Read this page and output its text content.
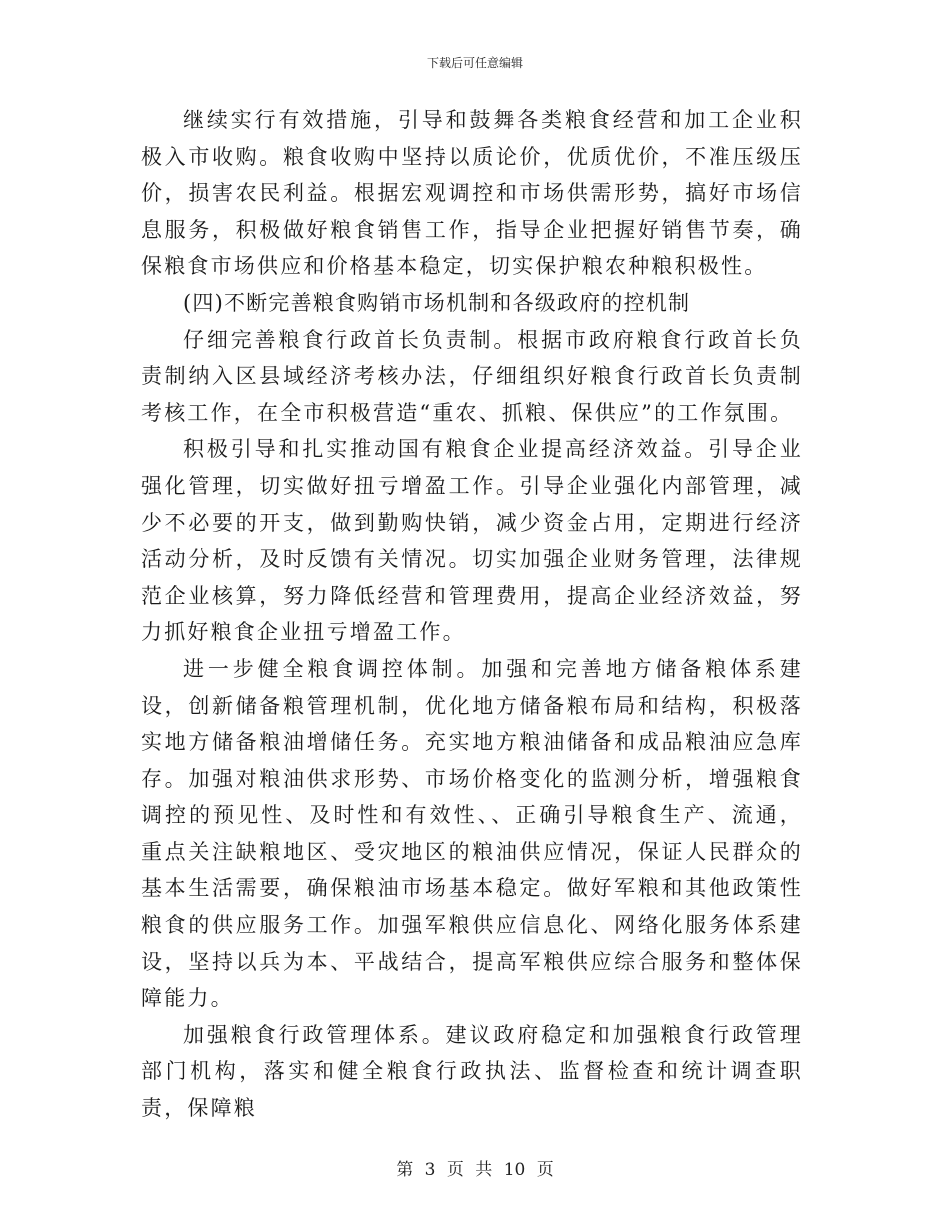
下载后可任意编辑

继续实行有效措施，引导和鼓舞各类粮食经营和加工企业积极入市收购。粮食收购中坚持以质论价，优质优价，不准压级压价，损害农民利益。根据宏观调控和市场供需形势，搞好市场信息服务，积极做好粮食销售工作，指导企业把握好销售节奏，确保粮食市场供应和价格基本稳定，切实保护粮农种粮积极性。

(四)不断完善粮食购销市场机制和各级政府的控机制

仔细完善粮食行政首长负责制。根据市政府粮食行政首长负责制纳入区县域经济考核办法，仔细组织好粮食行政首长负责制考核工作，在全市积极营造“重农、抓粮、保供应”的工作氛围。

积极引导和扎实推动国有粮食企业提高经济效益。引导企业强化管理，切实做好扭亏增盈工作。引导企业强化内部管理，减少不必要的开支，做到勤购快销，减少资金占用，定期进行经济活动分析，及时反馈有关情况。切实加强企业财务管理，法律规范企业核算，努力降低经营和管理费用，提高企业经济效益，努力抓好粮食企业扭亏增盈工作。

进一步健全粮食调控体制。加强和完善地方储备粮体系建设，创新储备粮管理机制，优化地方储备粮布局和结构，积极落实地方储备粮油增储任务。充实地方粮油储备和成品粮油应急库存。加强对粮油供求形势、市场价格变化的监测分析，增强粮食调控的预见性、及时性和有效性、、正确引导粮食生产、流通，重点关注缺粮地区、受灾地区的粮油供应情况，保证人民群众的基本生活需要，确保粮油市场基本稳定。做好军粮和其他政策性粮食的供应服务工作。加强军粮供应信息化、网络化服务体系建设，坚持以兵为本、平战结合，提高军粮供应综合服务和整体保障能力。

加强粮食行政管理体系。建议政府稳定和加强粮食行政管理部门机构，落实和健全粮食行政执法、监督检查和统计调查职责，保障粮

第 3 页 共 10 页
